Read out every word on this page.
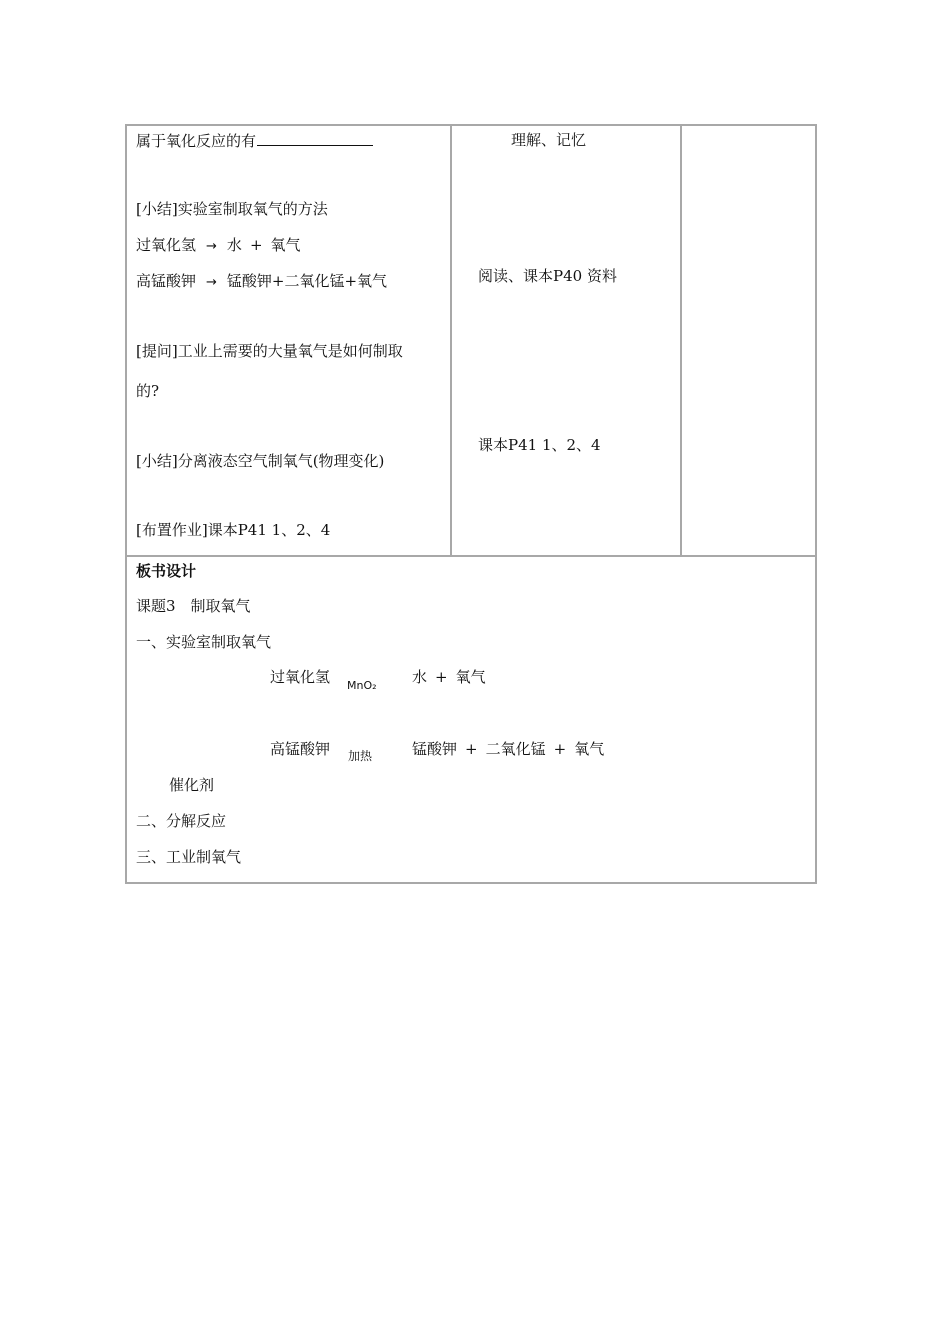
属于氧化反应的有
[小结]实验室制取氧气的方法
过氧化氢 → 水 + 氧气
高锰酸钾 → 锰酸钾+二氧化锰+氧气
[提问]工业上需要的大量氧气是如何制取
的?
[小结]分离液态空气制氧气(物理变化)
[布置作业]课本P41 1、2、4
理解、记忆
阅读、课本P40 资料
课本P41 1、2、4
板书设计
课题3　制取氧气
一、实验室制取氧气
过氧化氢 MnO₂ 水 + 氧气
高锰酸钾 加热	锰酸钾 + 二氧化锰 + 氧气
催化剂
二、分解反应
三、工业制氧气
